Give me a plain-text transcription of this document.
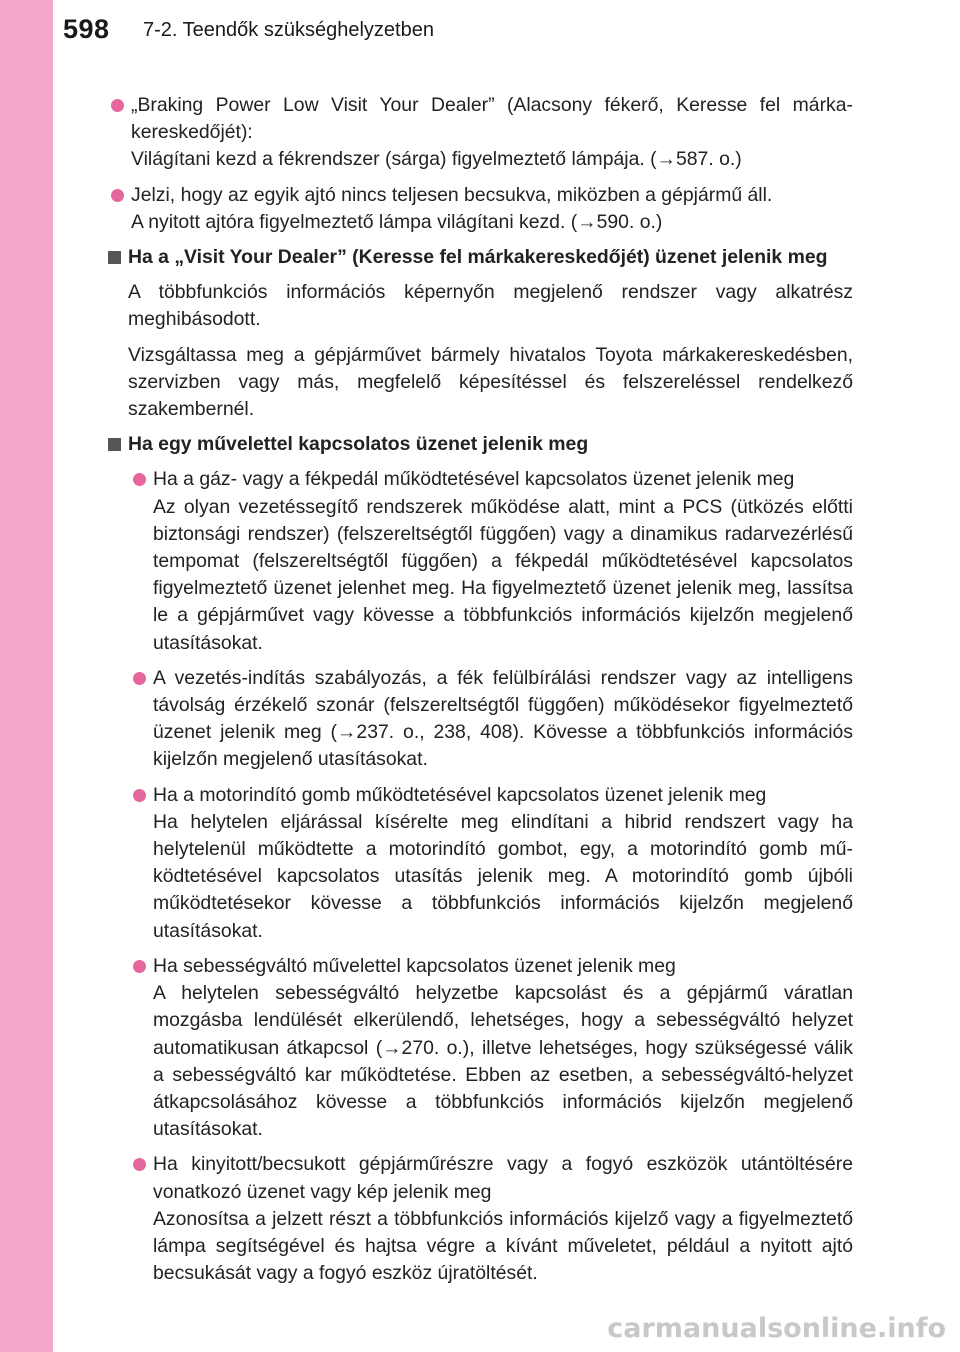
598 7-2. Teendők szükséghelyzetben
„Braking Power Low Visit Your Dealer” (Alacsony fékerő, Keresse fel márkakereskedőjét):
Világítani kezd a fékrendszer (sárga) figyelmeztető lámpája. (→587. o.)
Jelzi, hogy az egyik ajtó nincs teljesen becsukva, miközben a gépjármű áll.
A nyitott ajtóra figyelmeztető lámpa világítani kezd. (→590. o.)
Ha a „Visit Your Dealer” (Keresse fel márkakereskedőjét) üzenet jelenik meg
A többfunkciós információs képernyőn megjelenő rendszer vagy alkatrész meghibásodott.
Vizsgáltassa meg a gépjárművet bármely hivatalos Toyota márkakereskedésben, szervizben vagy más, megfelelő képesítéssel és felszereléssel rendelkező szakembernél.
Ha egy művelettel kapcsolatos üzenet jelenik meg
Ha a gáz- vagy a fékpedál működtetésével kapcsolatos üzenet jelenik meg
Az olyan vezetéssegítő rendszerek működése alatt, mint a PCS (ütközés előtti biztonsági rendszer) (felszereltségtől függően) vagy a dinamikus radarvezérlésű tempomat (felszereltségtől függően) a fékpedál működtetésével kapcsolatos figyelmeztető üzenet jelenhet meg. Ha figyelmeztető üzenet jelenik meg, lassítsa le a gépjárművet vagy kövesse a többfunkciós információs kijelzőn megjelenő utasításokat.
A vezetés-indítás szabályozás, a fék felülbírálási rendszer vagy az intelligens távolság érzékelő szonár (felszereltségtől függően) működésekor figyelmeztető üzenet jelenik meg (→237. o., 238, 408). Kövesse a többfunkciós információs kijelzőn megjelenő utasításokat.
Ha a motorindító gomb működtetésével kapcsolatos üzenet jelenik meg
Ha helytelen eljárással kísérelte meg elindítani a hibrid rendszert vagy ha helytelenül működtette a motorindító gombot, egy, a motorindító gomb működtetésével kapcsolatos utasítás jelenik meg. A motorindító gomb újbóli működtetésekor kövesse a többfunkciós információs kijelzőn megjelenő utasításokat.
Ha sebességváltó művelettel kapcsolatos üzenet jelenik meg
A helytelen sebességváltó helyzetbe kapcsolást és a gépjármű váratlan mozgásba lendülését elkerülendő, lehetséges, hogy a sebességváltó helyzet automatikusan átkapcsol (→270. o.), illetve lehetséges, hogy szükségessé válik a sebességváltó kar működtetése. Ebben az esetben, a sebességváltó-helyzet átkapcsolásához kövesse a többfunkciós információs kijelzőn megjelenő utasításokat.
Ha kinyitott/becsukott gépjárműrészre vagy a fogyó eszközök utántöltésére vonatkozó üzenet vagy kép jelenik meg
Azonosítsa a jelzett részt a többfunkciós információs kijelző vagy a figyelmeztető lámpa segítségével és hajtsa végre a kívánt műveletet, például a nyitott ajtó becsukását vagy a fogyó eszköz újratöltését.
carmanualsonline.info
